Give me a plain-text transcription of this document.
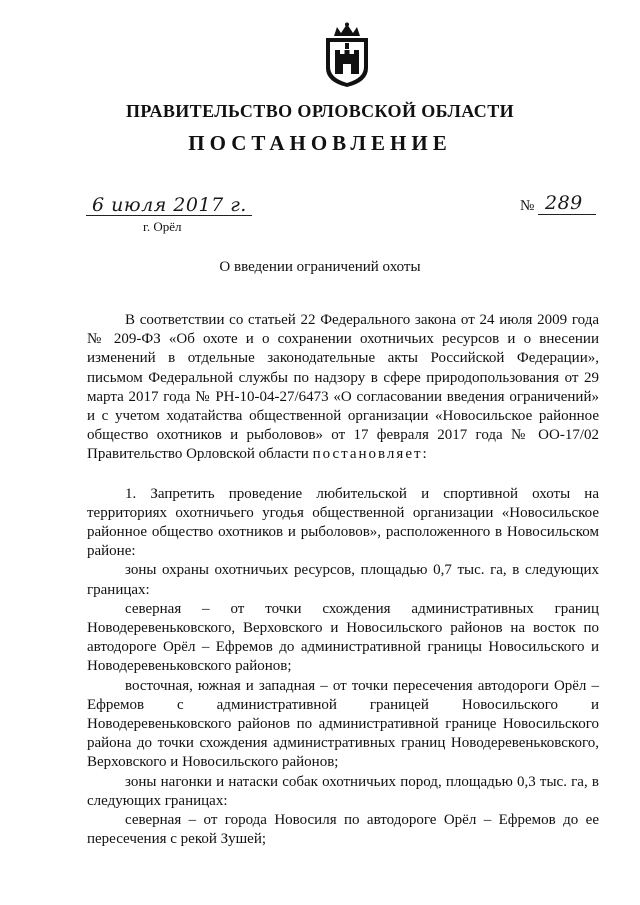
ПРАВИТЕЛЬСТВО ОРЛОВСКОЙ ОБЛАСТИ
ПОСТАНОВЛЕНИЕ
6 июля 2017 г.
г. Орёл
№ 289
О введении ограничений охоты

В соответствии со статьей 22 Федерального закона от 24 июля 2009 года № 209-ФЗ «Об охоте и о сохранении охотничьих ресурсов и о внесении изменений в отдельные законодательные акты Российской Федерации», письмом Федеральной службы по надзору в сфере природопользования от 29 марта 2017 года № РН-10-04-27/6473 «О согласовании введения ограничений» и с учетом ходатайства общественной организации «Новосильское районное общество охотников и рыболовов» от 17 февраля 2017 года № ОО-17/02 Правительство Орловской области постановляет:

1. Запретить проведение любительской и спортивной охоты на территориях охотничьего угодья общественной организации «Новосильское районное общество охотников и рыболовов», расположенного в Новосильском районе:

зоны охраны охотничьих ресурсов, площадью 0,7 тыс. га, в следующих границах:

северная – от точки схождения административных границ Новодеревеньковского, Верховского и Новосильского районов на восток по автодороге Орёл – Ефремов до административной границы Новосильского и Новодеревеньковского районов;

восточная, южная и западная – от точки пересечения автодороги Орёл – Ефремов с административной границей Новосильского и Новодеревеньковского районов по административной границе Новосильского района до точки схождения административных границ Новодеревеньковского, Верховского и Новосильского районов;

зоны нагонки и натаски собак охотничьих пород, площадью 0,3 тыс. га, в следующих границах:

северная – от города Новосиля по автодороге Орёл – Ефремов до ее пересечения с рекой Зушей;
